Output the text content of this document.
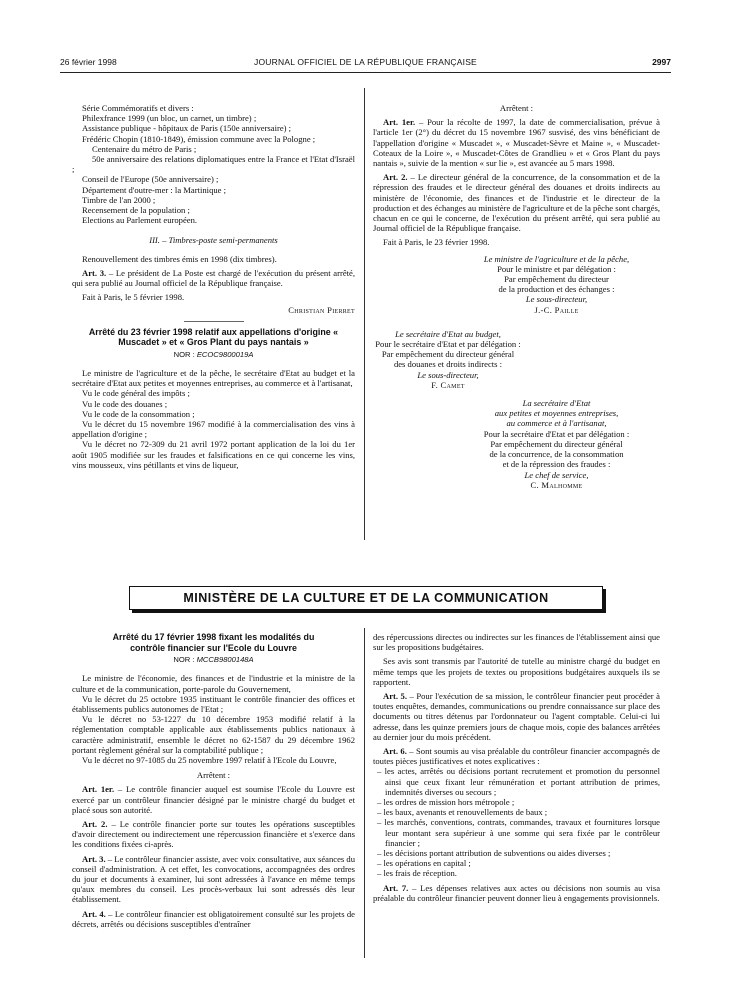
26 février 1998	JOURNAL OFFICIEL DE LA RÉPUBLIQUE FRANÇAISE	2997

Série Commémoratifs et divers :

Philexfrance 1999 (un bloc, un carnet, un timbre) ;

Assistance publique - hôpitaux de Paris (150e anniversaire) ;

Frédéric Chopin (1810-1849), émission commune avec la Pologne ;

Centenaire du métro de Paris ;

50e anniversaire des relations diplomatiques entre la France et l'Etat d'Israël ;

Conseil de l'Europe (50e anniversaire) ;

Département d'outre-mer : la Martinique ;

Timbre de l'an 2000 ;

Recensement de la population ;

Elections au Parlement européen.

III. – Timbres-poste semi-permanents

Renouvellement des timbres émis en 1998 (dix timbres).

Art. 3. – Le président de La Poste est chargé de l'exécution du présent arrêté, qui sera publié au Journal officiel de la République française.

Fait à Paris, le 5 février 1998.

Christian Pierret

Arrêté du 23 février 1998 relatif aux appellations d'origine « Muscadet » et « Gros Plant du pays nantais »

NOR : ECOC9800019A

Le ministre de l'agriculture et de la pêche, le secrétaire d'Etat au budget et la secrétaire d'Etat aux petites et moyennes entreprises, au commerce et à l'artisanat,

Vu le code général des impôts ;

Vu le code des douanes ;

Vu le code de la consommation ;

Vu le décret du 15 novembre 1967 modifié à la commercialisation des vins à appellation d'origine ;

Vu le décret no 72-309 du 21 avril 1972 portant application de la loi du 1er août 1905 modifiée sur les fraudes et falsifications en ce qui concerne les vins, vins mousseux, vins pétillants et vins de liqueur,

Arrêtent :

Art. 1er. – Pour la récolte de 1997, la date de commercialisation, prévue à l'article 1er (2°) du décret du 15 novembre 1967 susvisé, des vins bénéficiant de l'appellation d'origine « Muscadet », « Muscadet-Sèvre et Maine », « Muscadet-Coteaux de la Loire », « Muscadet-Côtes de Grandlieu » et « Gros Plant du pays nantais », suivie de la mention « sur lie », est avancée au 5 mars 1998.

Art. 2. – Le directeur général de la concurrence, de la consommation et de la répression des fraudes et le directeur général des douanes et droits indirects au ministère de l'économie, des finances et de l'industrie et le directeur de la production et des échanges au ministère de l'agriculture et de la pêche sont chargés, chacun en ce qui le concerne, de l'exécution du présent arrêté, qui sera publié au Journal officiel de la République française.

Fait à Paris, le 23 février 1998.

Le ministre de l'agriculture et de la pêche,

Pour le ministre et par délégation :

Par empêchement du directeur

de la production et des échanges :

Le sous-directeur,

J.-C. Paille

Le secrétaire d'Etat au budget,

Pour le secrétaire d'Etat et par délégation :

Par empêchement du directeur général

des douanes et droits indirects :

Le sous-directeur,

F. Camet

La secrétaire d'Etat

aux petites et moyennes entreprises,

au commerce et à l'artisanat,

Pour la secrétaire d'Etat et par délégation :

Par empêchement du directeur général

de la concurrence, de la consommation

et de la répression des fraudes :

Le chef de service,

C. Malhomme

MINISTÈRE DE LA CULTURE ET DE LA COMMUNICATION

Arrêté du 17 février 1998 fixant les modalités du contrôle financier sur l'Ecole du Louvre

NOR : MCCB9800148A

Le ministre de l'économie, des finances et de l'industrie et la ministre de la culture et de la communication, porte-parole du Gouvernement,

Vu le décret du 25 octobre 1935 instituant le contrôle financier des offices et établissements publics autonomes de l'Etat ;

Vu le décret no 53-1227 du 10 décembre 1953 modifié relatif à la réglementation comptable applicable aux établissements publics nationaux à caractère administratif, ensemble le décret no 62-1587 du 29 décembre 1962 portant règlement général sur la comptabilité publique ;

Vu le décret no 97-1085 du 25 novembre 1997 relatif à l'Ecole du Louvre,

Arrêtent :

Art. 1er. – Le contrôle financier auquel est soumise l'Ecole du Louvre est exercé par un contrôleur financier désigné par le ministre chargé du budget et placé sous son autorité.

Art. 2. – Le contrôle financier porte sur toutes les opérations susceptibles d'avoir directement ou indirectement une répercussion financière et s'exerce dans les conditions fixées ci-après.

Art. 3. – Le contrôleur financier assiste, avec voix consultative, aux séances du conseil d'administration. A cet effet, les convocations, accompagnées des ordres du jour et documents à examiner, lui sont adressées à l'avance en même temps qu'aux membres du conseil. Les procès-verbaux lui sont adressés dès leur établissement.

Art. 4. – Le contrôleur financier est obligatoirement consulté sur les projets de décrets, arrêtés ou décisions susceptibles d'entraîner

des répercussions directes ou indirectes sur les finances de l'établissement ainsi que sur les propositions budgétaires.

Ses avis sont transmis par l'autorité de tutelle au ministre chargé du budget en même temps que les projets de textes ou propositions budgétaires auxquels ils se rapportent.

Art. 5. – Pour l'exécution de sa mission, le contrôleur financier peut procéder à toutes enquêtes, demandes, communications ou prendre connaissance sur place des documents ou titres détenus par l'ordonnateur ou l'agent comptable. Celui-ci lui adresse, dans les quinze premiers jours de chaque mois, copie des balances arrêtées au dernier jour du mois précédent.

Art. 6. – Sont soumis au visa préalable du contrôleur financier accompagnés de toutes pièces justificatives et notes explicatives :

– les actes, arrêtés ou décisions portant recrutement et promotion du personnel ainsi que ceux fixant leur rémunération et portant attribution de primes, indemnités diverses ou secours ;

– les ordres de mission hors métropole ;

– les baux, avenants et renouvellements de baux ;

– les marchés, conventions, contrats, commandes, travaux et fournitures lorsque leur montant sera supérieur à une somme qui sera fixée par le contrôleur financier ;

– les décisions portant attribution de subventions ou aides diverses ;

– les opérations en capital ;

– les frais de réception.

Art. 7. – Les dépenses relatives aux actes ou décisions non soumis au visa préalable du contrôleur financier peuvent donner lieu à engagements provisionnels.
